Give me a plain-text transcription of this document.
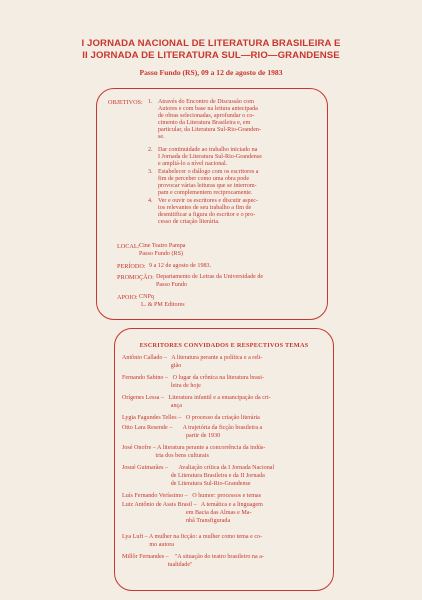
I JORNADA NACIONAL DE LITERATURA BRASILEIRA E
II JORNADA DE LITERATURA SUL—RIO—GRANDENSE
Passo Fundo (RS), 09 a 12 de agosto de 1983
OBJETIVOS: 1. Através do Encontro de Discussão com
Autores e com base na leitura antecipada
de obras selecionadas, aprofundar o co-
cimento da Literatura Brasileira e, em
particular, da Literatura Sul-Rio-Granden-
se.
2. Dar continuidade ao trabalho iniciado na
I Jornada de Literatura Sul-Rio-Grandense
e ampliá-lo a nível nacional.
3. Estabelecer o diálogo com os escritores a
fim de perceber como uma obra pode
provocar várias leituras que se interrom-
pam e complementem reciprocamente.
4. Ver e ouvir os escritores e discutir aspec-
tos relevantes de seu trabalho a fim de
desmitificar a figura do escritor e o pro-
cesso de criação literária.
LOCAL: Cine Teatro Pampa
Passo Fundo (RS)
PERÍODO: 9 a 12 de agosto de 1983.
PROMOÇÃO: Departamento de Letras da Universidade de
Passo Fundo
APOIO: CNPq
L. & PM Editores
ESCRITORES CONVIDADOS E RESPECTIVOS TEMAS
Antônio Callado –   A literatura perante a política e a reli-
gião
Fernando Sabino –   O lugar da crônica na literatura brasi-
leira de hoje
Orígenes Lessa –   Literatura infantil e a emancipação da cri-
ança
Lygia Fagundes Telles –   O processo da criação literária
Otto Lara Resende –       A trajetória da ficção brasileira a
partir de 1930
José Onofre – A literatura perante a concorrência da indús-
tria dos bens culturais
Josué Guimarães –       Avaliação crítica da I Jornada Nacional
de Literatura Brasileira e da II Jornada
de Literatura Sul-Rio-Grandense
Luís Fernando Veríssimo –   O humor: processos e temas
Luiz Antônio de Assis Brasil –   A temática e a linguagem
em Bacia das Almas e Ma-
nhã Transfigurada
Lya Luft – A mulher na ficção: a mulher como tema e co-
mo autora
Millôr Fernandes –    "A situação do teatro brasileiro na a-
tualidade"
